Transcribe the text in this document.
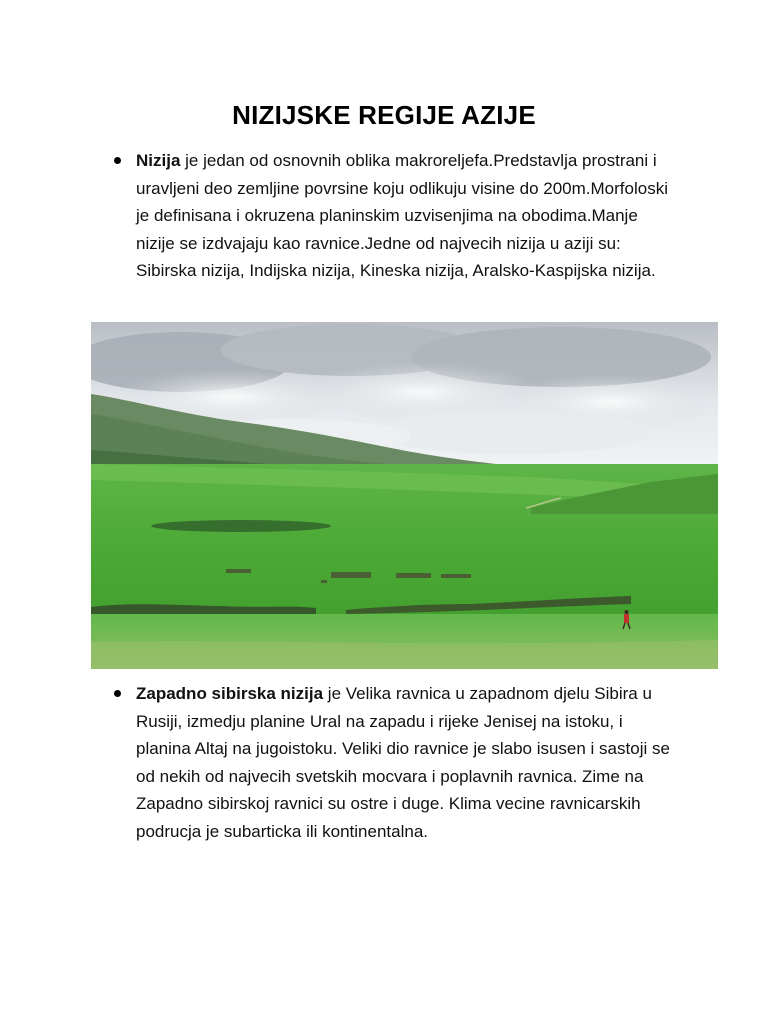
NIZIJSKE REGIJE AZIJE
Nizija je jedan od osnovnih oblika makroreljefa.Predstavlja prostrani i uravljeni deo zemljine povrsine koju odlikuju visine do 200m.Morfoloski je definisana i okruzena planinskim uzvisenjima na obodima.Manje nizije se izdvajaju kao ravnice.Jedne od najvecih nizija u aziji su: Sibirska nizija, Indijska nizija, Kineska nizija, Aralsko-Kaspijska nizija.
Zapadno sibirska nizija je Velika ravnica u zapadnom djelu Sibira u Rusiji, izmedju planine Ural na zapadu i rijeke Jenisej na istoku, i planina Altaj na jugoistoku. Veliki dio ravnice je slabo isusen i sastoji se od nekih od najvecih svetskih mocvara i poplavnih ravnica. Zime na Zapadno sibirskoj ravnici su ostre i duge. Klima vecine ravnicarskih podrucja je subarticka ili kontinentalna.
